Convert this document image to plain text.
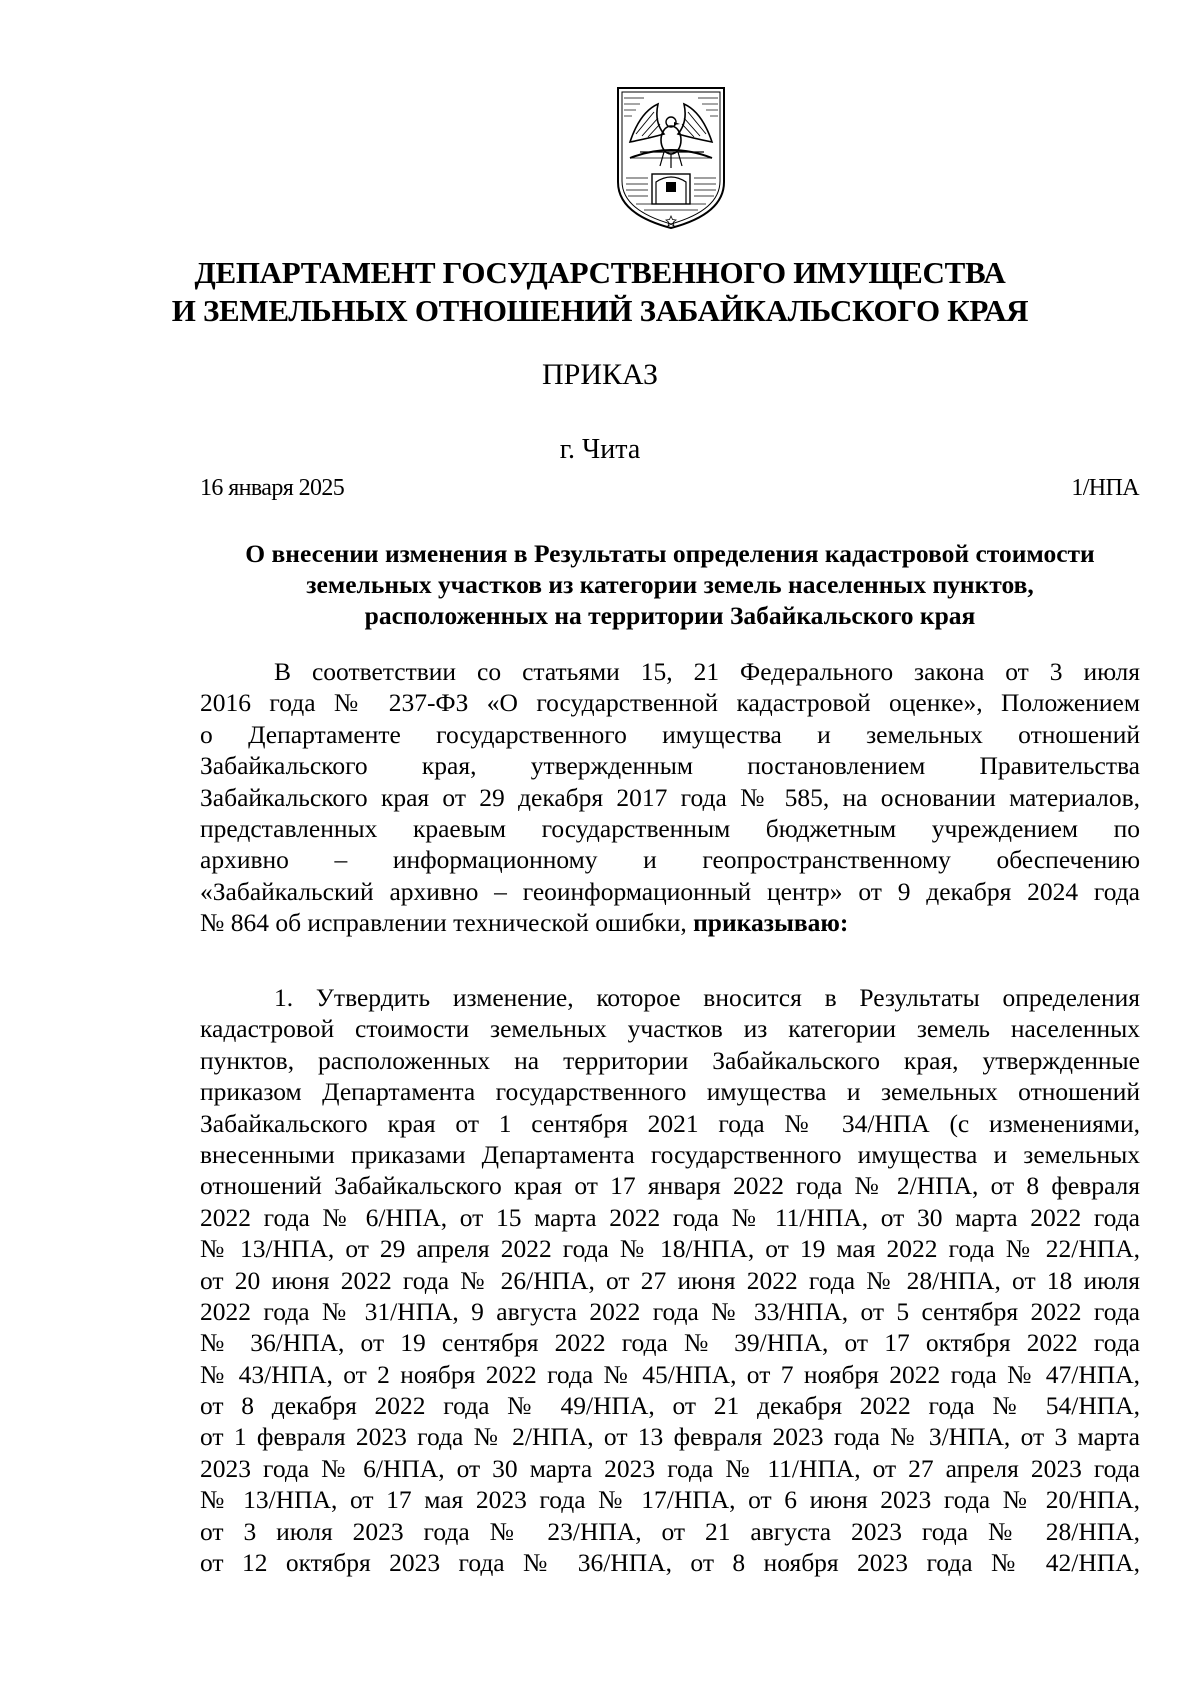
ДЕПАРТАМЕНТ ГОСУДАРСТВЕННОГО ИМУЩЕСТВА
И ЗЕМЕЛЬНЫХ ОТНОШЕНИЙ ЗАБАЙКАЛЬСКОГО КРАЯ
ПРИКАЗ
г. Чита
16 января 2025	1/НПА
О внесении изменения в Результаты определения кадастровой стоимости
земельных участков из категории земель населенных пунктов,
расположенных на территории Забайкальского края
В соответствии со статьями 15, 21 Федерального закона от 3 июля
2016 года № 237-ФЗ «О государственной кадастровой оценке», Положением
о Департаменте государственного имущества и земельных отношений
Забайкальского края, утвержденным постановлением Правительства
Забайкальского края от 29 декабря 2017 года № 585, на основании материалов,
представленных краевым государственным бюджетным учреждением по
архивно – информационному и геопространственному обеспечению
«Забайкальский архивно – геоинформационный центр» от 9 декабря 2024 года
№ 864 об исправлении технической ошибки, приказываю:
1. Утвердить изменение, которое вносится в Результаты определения
кадастровой стоимости земельных участков из категории земель населенных
пунктов, расположенных на территории Забайкальского края, утвержденные
приказом Департамента государственного имущества и земельных отношений
Забайкальского края от 1 сентября 2021 года № 34/НПА (с изменениями,
внесенными приказами Департамента государственного имущества и земельных
отношений Забайкальского края от 17 января 2022 года № 2/НПА, от 8 февраля
2022 года № 6/НПА, от 15 марта 2022 года № 11/НПА, от 30 марта 2022 года
№ 13/НПА, от 29 апреля 2022 года № 18/НПА, от 19 мая 2022 года № 22/НПА,
от 20 июня 2022 года № 26/НПА, от 27 июня 2022 года № 28/НПА, от 18 июля
2022 года № 31/НПА, 9 августа 2022 года № 33/НПА, от 5 сентября 2022 года
№ 36/НПА, от 19 сентября 2022 года № 39/НПА, от 17 октября 2022 года
№ 43/НПА, от 2 ноября 2022 года № 45/НПА, от 7 ноября 2022 года № 47/НПА,
от 8 декабря 2022 года № 49/НПА, от 21 декабря 2022 года № 54/НПА,
от 1 февраля 2023 года № 2/НПА, от 13 февраля 2023 года № 3/НПА, от 3 марта
2023 года № 6/НПА, от 30 марта 2023 года № 11/НПА, от 27 апреля 2023 года
№ 13/НПА, от 17 мая 2023 года № 17/НПА, от 6 июня 2023 года № 20/НПА,
от 3 июля 2023 года № 23/НПА, от 21 августа 2023 года № 28/НПА,
от 12 октября 2023 года № 36/НПА, от 8 ноября 2023 года № 42/НПА,
